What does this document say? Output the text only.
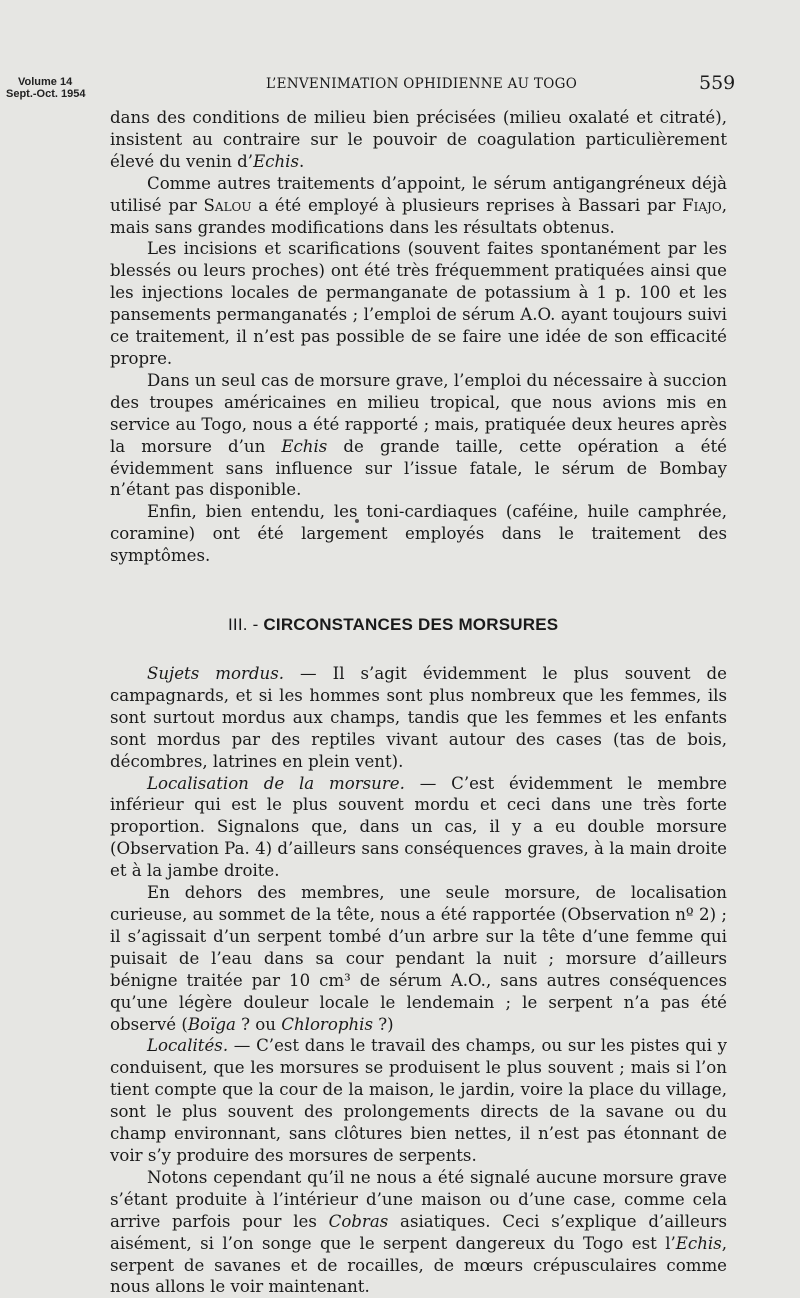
Volume 14
Sept.-Oct. 1954
L’ENVENIMATION OPHIDIENNE AU TOGO	559

dans des conditions de milieu bien précisées (milieu oxalaté et citraté), insistent au contraire sur le pouvoir de coagulation particulièrement élevé du venin d’Echis.

Comme autres traitements d’appoint, le sérum antigangréneux déjà utilisé par Salou a été employé à plusieurs reprises à Bassari par Fiajo, mais sans grandes modifications dans les résultats obtenus.

Les incisions et scarifications (souvent faites spontanément par les blessés ou leurs proches) ont été très fréquemment pratiquées ainsi que les injections locales de permanganate de potassium à 1 p. 100 et les pansements permanganatés ; l’emploi de sérum A.O. ayant toujours suivi ce traitement, il n’est pas possible de se faire une idée de son efficacité propre.

Dans un seul cas de morsure grave, l’emploi du nécessaire à succion des troupes américaines en milieu tropical, que nous avions mis en service au Togo, nous a été rapporté ; mais, pratiquée deux heures après la morsure d’un Echis de grande taille, cette opération a été évidemment sans influence sur l’issue fatale, le sérum de Bombay n’étant pas disponible.

Enfin, bien entendu, les toni-cardiaques (caféine, huile camphrée, coramine) ont été largement employés dans le traitement des symptômes.

III. - CIRCONSTANCES DES MORSURES

Sujets mordus. — Il s’agit évidemment le plus souvent de campagnards, et si les hommes sont plus nombreux que les femmes, ils sont surtout mordus aux champs, tandis que les femmes et les enfants sont mordus par des reptiles vivant autour des cases (tas de bois, décombres, latrines en plein vent).

Localisation de la morsure. — C’est évidemment le membre inférieur qui est le plus souvent mordu et ceci dans une très forte proportion. Signalons que, dans un cas, il y a eu double morsure (Observation Pa. 4) d’ailleurs sans conséquences graves, à la main droite et à la jambe droite.

En dehors des membres, une seule morsure, de localisation curieuse, au sommet de la tête, nous a été rapportée (Observation nº 2) ; il s’agissait d’un serpent tombé d’un arbre sur la tête d’une femme qui puisait de l’eau dans sa cour pendant la nuit ; morsure d’ailleurs bénigne traitée par 10 cm³ de sérum A.O., sans autres conséquences qu’une légère douleur locale le lendemain ; le serpent n’a pas été observé (Boïga ? ou Chlorophis ?)

Localités. — C’est dans le travail des champs, ou sur les pistes qui y conduisent, que les morsures se produisent le plus souvent ; mais si l’on tient compte que la cour de la maison, le jardin, voire la place du village, sont le plus souvent des prolongements directs de la savane ou du champ environnant, sans clôtures bien nettes, il n’est pas étonnant de voir s’y produire des morsures de serpents.

Notons cependant qu’il ne nous a été signalé aucune morsure grave s’étant produite à l’intérieur d’une maison ou d’une case, comme cela arrive parfois pour les Cobras asiatiques. Ceci s’explique d’ailleurs aisément, si l’on songe que le serpent dangereux du Togo est l’Echis, serpent de savanes et de rocailles, de mœurs crépusculaires comme nous allons le voir maintenant.
